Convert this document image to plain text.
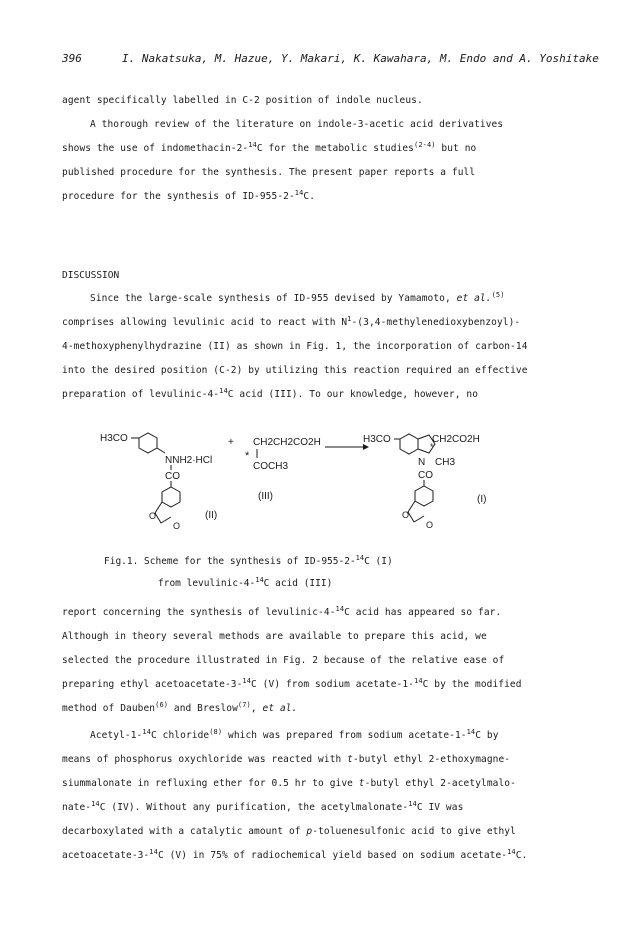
396	I. Nakatsuka, M. Hazue, Y. Makari, K. Kawahara, M. Endo and A. Yoshitake
agent specifically labelled in C-2 position of indole nucleus.
A thorough review of the literature on indole-3-acetic acid derivatives
shows the use of indomethacin-2-$^{14}$C for the metabolic studies$^{(2-4)}$ but no
published procedure for the synthesis. The present paper reports a full
procedure for the synthesis of ID-955-2-$^{14}$C.
DISCUSSION
Since the large-scale synthesis of ID-955 devised by Yamamoto, et al.$^{(5)}$
comprises allowing levulinic acid to react with $N^1-(3,4-methylenedioxybenzoyl)-$
4-methoxyphenylhydrazine (II) as shown in Fig. 1, the incorporation of carbon-14
into the desired position (C-2) by utilizing this reaction required an effective
preparation of levulinic-4-$^{14}$C acid (III). To our knowledge, however, no
H3CO
NNH2·HCl
CO
O
O
(II)
+ CH2CH2CO2H
*
COCH3
(III)
H3CO	CH2CO2H
N
*
CH3
CO
O
O
(I)
Fig.1. Scheme for the synthesis of ID-955-2-$^{14}$C (I)
from levulinic-4-$^{14}$C acid (III)
report concerning the synthesis of levulinic-4-$^{14}$C acid has appeared so far.
Although in theory several methods are available to prepare this acid, we
selected the procedure illustrated in Fig. 2 because of the relative ease of
preparing ethyl acetoacetate-3-$^{14}$C (V) from sodium acetate-1-$^{14}$C by the modified
method of Dauben$^{(6)}$ and Breslow$^{(7)}$, et al.
Acetyl-1-$^{14}$C chloride$^{(8)}$ which was prepared from sodium acetate-1-$^{14}$C by
means of phosphorus oxychloride was reacted with t-butyl ethyl 2-ethoxymagne-
siummalonate in refluxing ether for 0.5 hr to give t-butyl ethyl 2-acetylmalo-
nate-$^{14}$C (IV). Without any purification, the acetylmalonate-$^{14}$C IV was
decarboxylated with a catalytic amount of p-toluenesulfonic acid to give ethyl
acetoacetate-3-$^{14}$C (V) in 75% of radiochemical yield based on sodium acetate-$^{14}$C.
